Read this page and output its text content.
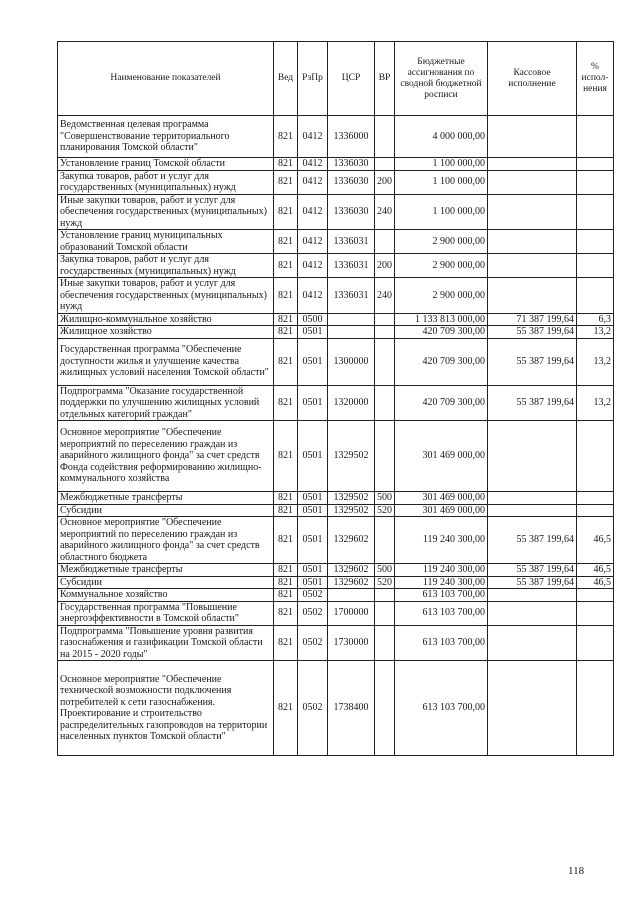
Наименование показателей	Вед	РзПр	ЦСР	ВР	Бюджетные ассигнования по сводной бюджетной росписи	Кассовое исполнение	% испол-нения
Ведомственная целевая программа "Совершенствование территориального планирования Томской области"	821	0412	1336000		4 000 000,00		
Установление границ Томской области	821	0412	1336030		1 100 000,00		
Закупка товаров, работ и услуг для государственных (муниципальных) нужд	821	0412	1336030	200	1 100 000,00		
Иные закупки товаров, работ и услуг для обеспечения государственных (муниципальных) нужд	821	0412	1336030	240	1 100 000,00		
Установление границ муниципальных образований Томской области	821	0412	1336031		2 900 000,00		
Закупка товаров, работ и услуг для государственных (муниципальных) нужд	821	0412	1336031	200	2 900 000,00		
Иные закупки товаров, работ и услуг для обеспечения государственных (муниципальных) нужд	821	0412	1336031	240	2 900 000,00		
Жилищно-коммунальное хозяйство	821	0500			1 133 813 000,00	71 387 199,64	6,3
Жилищное хозяйство	821	0501			420 709 300,00	55 387 199,64	13,2
Государственная программа "Обеспечение доступности жилья и улучшение качества жилищных условий населения Томской области"	821	0501	1300000		420 709 300,00	55 387 199,64	13,2
Подпрограмма "Оказание государственной поддержки по улучшению жилищных условий отдельных категорий граждан"	821	0501	1320000		420 709 300,00	55 387 199,64	13,2
Основное мероприятие "Обеспечение мероприятий по переселению граждан из аварийного жилищного фонда" за счет средств Фонда содействия реформированию жилищно-коммунального хозяйства	821	0501	1329502		301 469 000,00		
Межбюджетные трансферты	821	0501	1329502	500	301 469 000,00		
Субсидии	821	0501	1329502	520	301 469 000,00		
Основное мероприятие "Обеспечение мероприятий по переселению граждан из аварийного жилищного фонда" за счет средств областного бюджета	821	0501	1329602		119 240 300,00	55 387 199,64	46,5
Межбюджетные трансферты	821	0501	1329602	500	119 240 300,00	55 387 199,64	46,5
Субсидии	821	0501	1329602	520	119 240 300,00	55 387 199,64	46,5
Коммунальное хозяйство	821	0502			613 103 700,00		
Государственная программа "Повышение энергоэффективности в Томской области"	821	0502	1700000		613 103 700,00		
Подпрограмма "Повышение уровня развития газоснабжения и газификации Томской области на 2015 - 2020 годы"	821	0502	1730000		613 103 700,00		
Основное мероприятие "Обеспечение технической возможности подключения потребителей к сети газоснабжения. Проектирование и строительство распределительных газопроводов на территории населенных пунктов Томской области"	821	0502	1738400		613 103 700,00		
118
